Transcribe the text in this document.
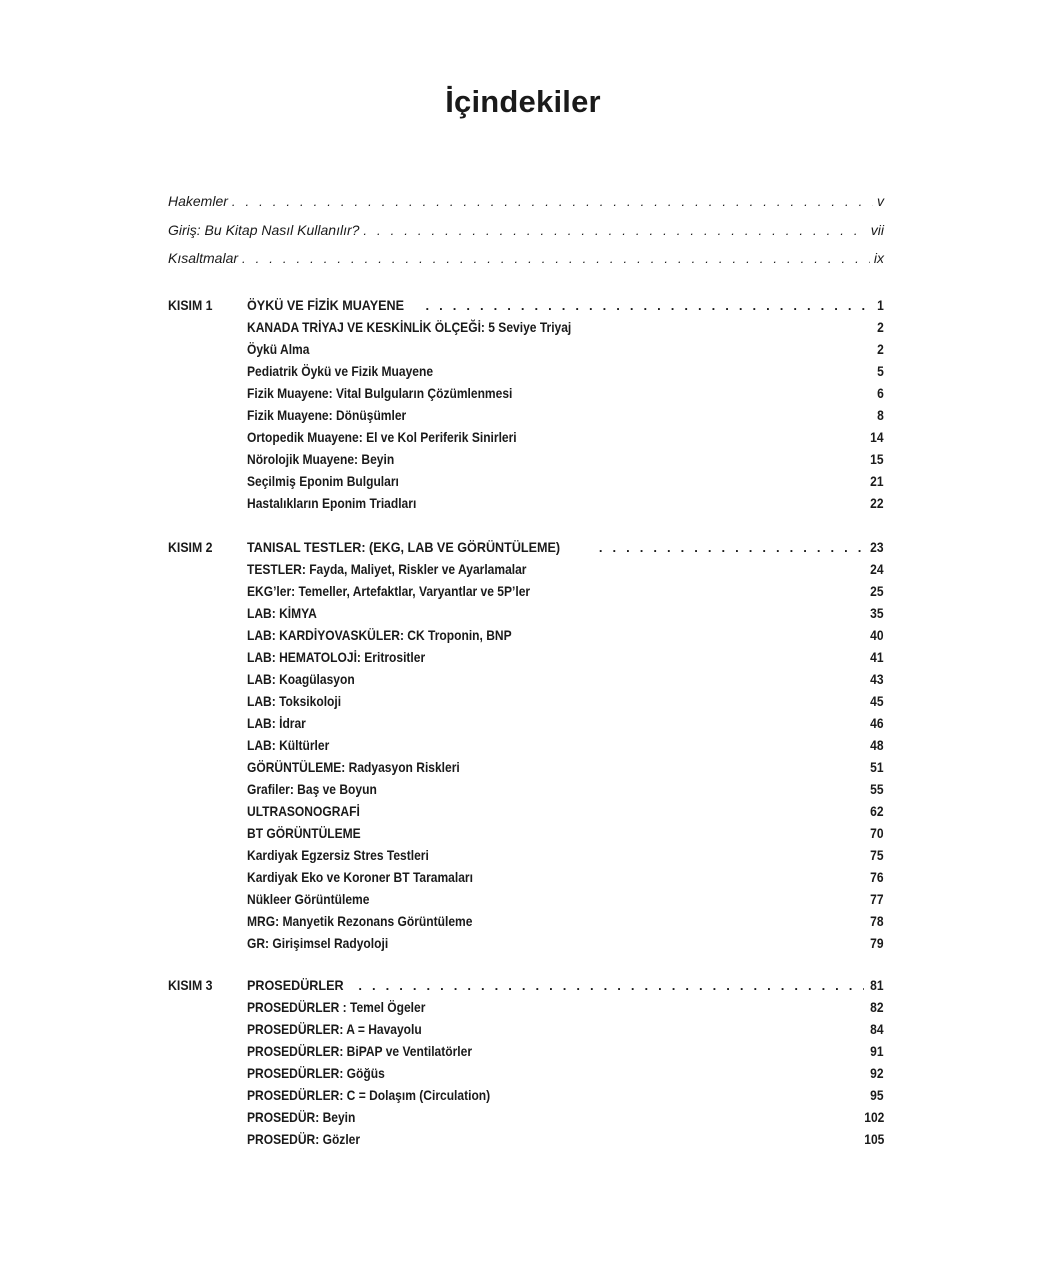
İçindekiler
Hakemler . . .	v
Giriş: Bu Kitap Nasıl Kullanılır? . . .	vii
Kısaltmalar . . .	ix
KISIM 1 ÖYKÜ VE FİZİK MUAYENE . . .	1
KANADA TRİYAJ VE KESKİNLİK ÖLÇEĞİ: 5 Seviye Triyaj	2
Öykü Alma	2
Pediatrik Öykü ve Fizik Muayene	5
Fizik Muayene: Vital Bulguların Çözümlenmesi	6
Fizik Muayene: Dönüşümler	8
Ortopedik Muayene: El ve Kol Periferik Sinirleri	14
Nörolojik Muayene: Beyin	15
Seçilmiş Eponim Bulguları	21
Hastalıkların Eponim Triadları	22
KISIM 2 TANISAL TESTLER: (EKG, LAB VE GÖRÜNTÜLEME) . . .	23
TESTLER: Fayda, Maliyet, Riskler ve Ayarlamalar	24
EKG’ler: Temeller, Artefaktlar, Varyantlar ve 5P’ler	25
LAB: KİMYA	35
LAB: KARDİYOVASKÜLER: CK Troponin, BNP	40
LAB: HEMATOLOJİ: Eritrositler	41
LAB: Koagülasyon	43
LAB: Toksikoloji	45
LAB: İdrar	46
LAB: Kültürler	48
GÖRÜNTÜLEME: Radyasyon Riskleri	51
Grafiler: Baş ve Boyun	55
ULTRASONOGRAFİ	62
BT GÖRÜNTÜLEME	70
Kardiyak Egzersiz Stres Testleri	75
Kardiyak Eko ve Koroner BT Taramaları	76
Nükleer Görüntüleme	77
MRG: Manyetik Rezonans Görüntüleme	78
GR: Girişimsel Radyoloji	79
KISIM 3 PROSEDÜRLER . . .	81
PROSEDÜRLER : Temel Ögeler	82
PROSEDÜRLER: A = Havayolu	84
PROSEDÜRLER: BiPAP ve Ventilatörler	91
PROSEDÜRLER: Göğüs	92
PROSEDÜRLER: C = Dolaşım (Circulation)	95
PROSEDÜR: Beyin	102
PROSEDÜR: Gözler	105
